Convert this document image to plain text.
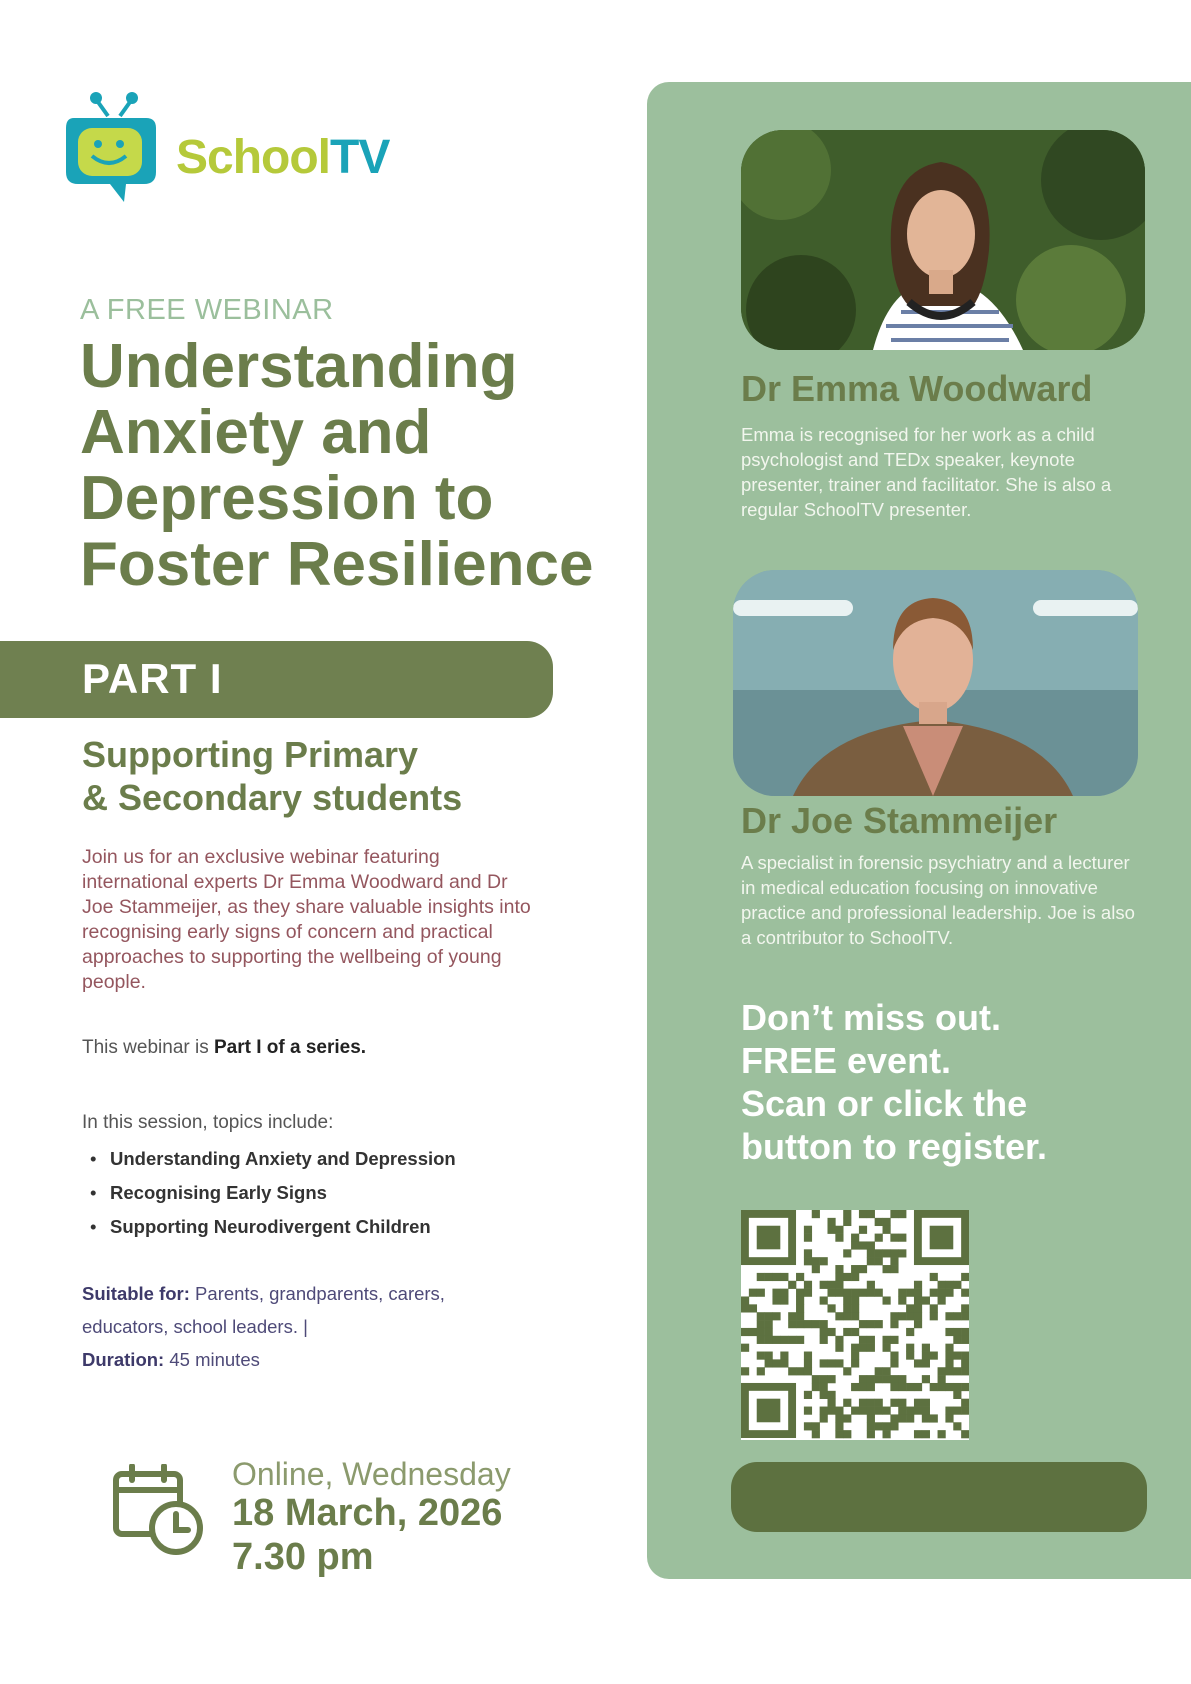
SchoolTV
A FREE WEBINAR
Understanding
Anxiety and
Depression to
Foster Resilience
PART I
Supporting Primary
& Secondary students
Join us for an exclusive webinar featuring international experts Dr Emma Woodward and Dr Joe Stammeijer, as they share valuable insights into recognising early signs of concern and practical approaches to supporting the wellbeing of young people.
This webinar is Part I of a series.
In this session, topics include:
• Understanding Anxiety and Depression
• Recognising Early Signs
• Supporting Neurodivergent Children
Suitable for: Parents, grandparents, carers, educators, school leaders. |
Duration: 45 minutes
Online, Wednesday
18 March, 2026
7.30 pm
Dr Emma Woodward
Emma is recognised for her work as a child psychologist and TEDx speaker, keynote presenter, trainer and facilitator. She is also a regular SchoolTV presenter.
Dr Joe Stammeijer
A specialist in forensic psychiatry and a lecturer in medical education focusing on innovative practice and professional leadership. Joe is also a contributor to SchoolTV.
Don’t miss out.
FREE event.
Scan or click the
button to register.
